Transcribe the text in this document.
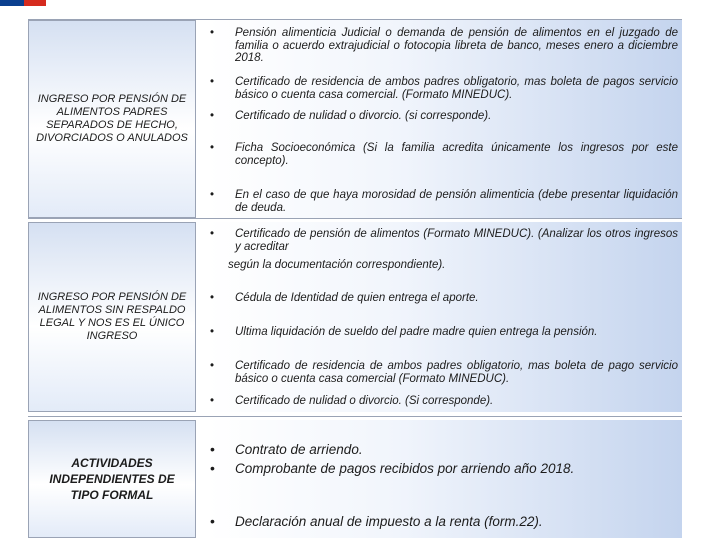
INGRESO POR PENSIÓN DE ALIMENTOS PADRES SEPARADOS DE HECHO, DIVORCIADOS O ANULADOS
• Pensión alimenticia Judicial o demanda de pensión de alimentos en el juzgado de familia o acuerdo extrajudicial o fotocopia libreta de banco, meses enero a diciembre 2018.
• Certificado de residencia de ambos padres obligatorio, mas boleta de pagos servicio básico o cuenta casa comercial. (Formato MINEDUC).
• Certificado de nulidad o divorcio. (si corresponde).
• Ficha Socioeconómica (Si la familia acredita únicamente los ingresos por este concepto).
• En el caso de que haya morosidad de pensión alimenticia (debe presentar liquidación de deuda.
INGRESO POR PENSIÓN DE ALIMENTOS SIN RESPALDO LEGAL Y NOS ES EL ÚNICO INGRESO
• Certificado de pensión de alimentos (Formato MINEDUC). (Analizar los otros ingresos y acreditar
según la documentación correspondiente).
• Cédula de Identidad de quien entrega el aporte.
• Ultima liquidación de sueldo del padre madre quien entrega la pensión.
• Certificado de residencia de ambos padres obligatorio, mas boleta de pago servicio básico o cuenta casa comercial (Formato MINEDUC).
• Certificado de nulidad o divorcio. (Si corresponde).
ACTIVIDADES INDEPENDIENTES DE TIPO FORMAL
• Contrato de arriendo.
• Comprobante de pagos recibidos por arriendo año 2018.
• Declaración anual de impuesto a la renta (form.22).
